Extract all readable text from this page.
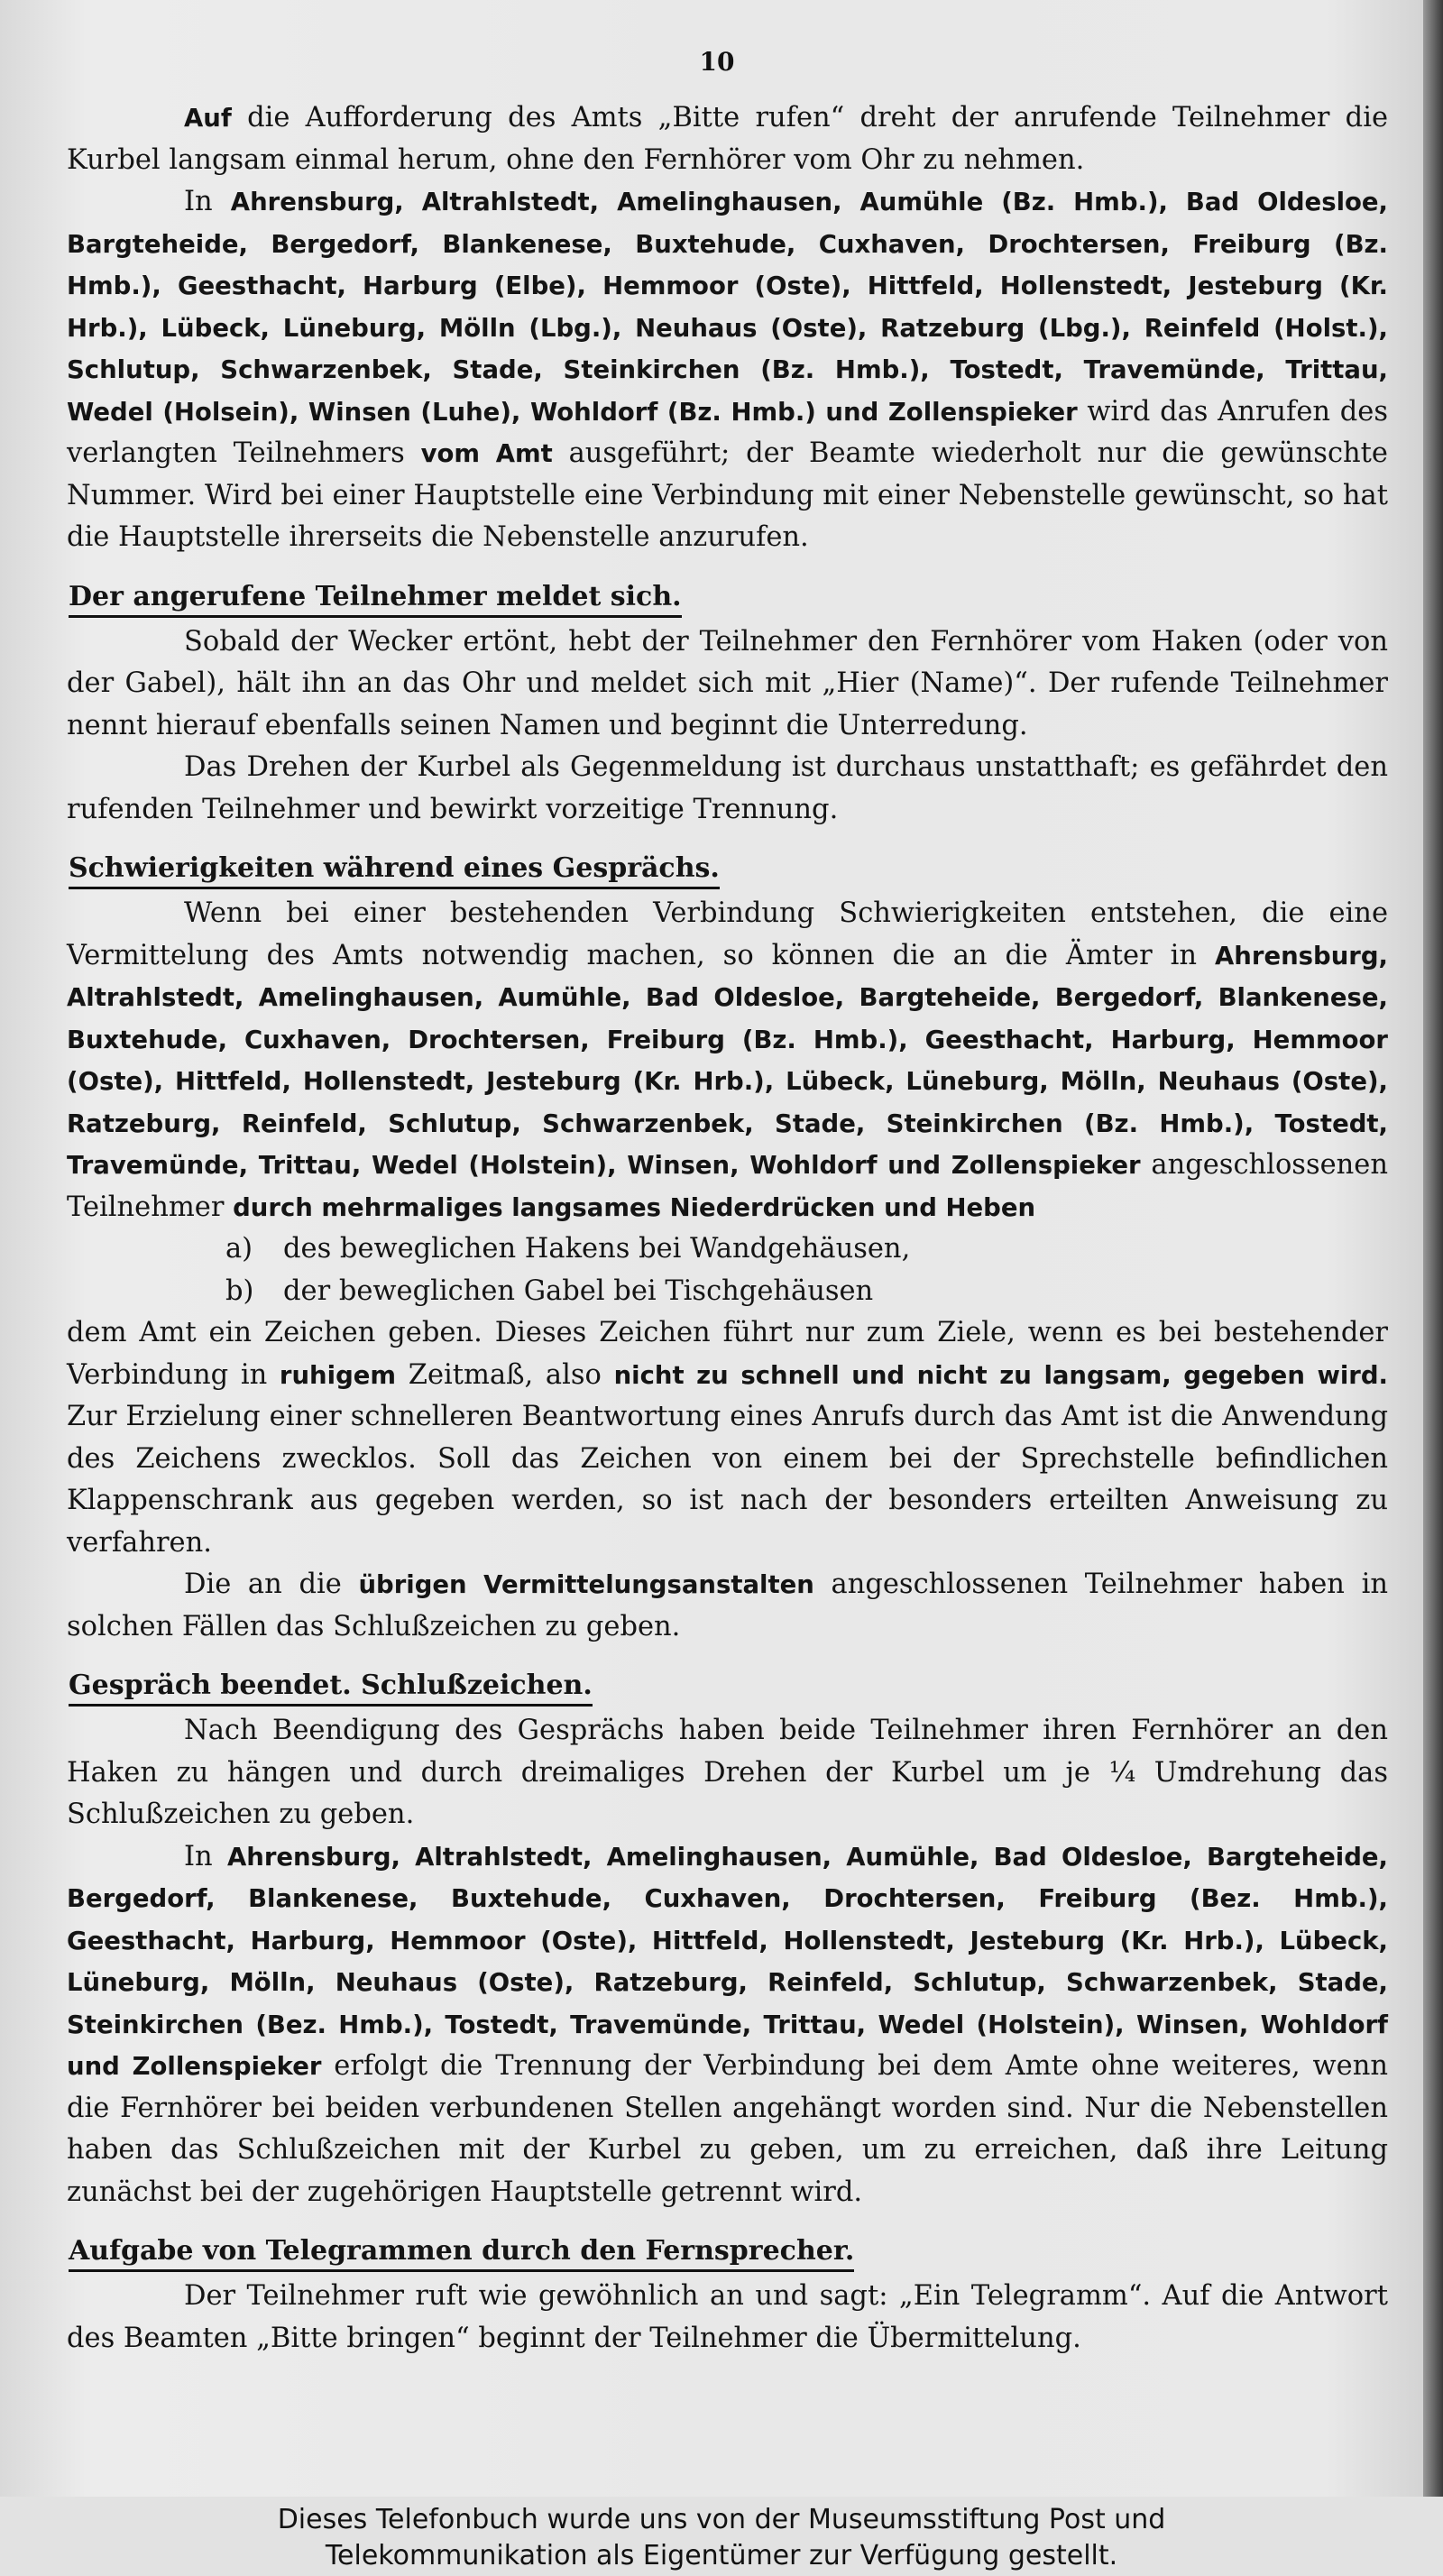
10

Auf die Aufforderung des Amts „Bitte rufen“ dreht der anrufende Teilnehmer die Kurbel langsam einmal herum, ohne den Fernhörer vom Ohr zu nehmen.

In Ahrensburg, Altrahlstedt, Amelinghausen, Aumühle (Bz. Hmb.), Bad Oldesloe, Bargteheide, Bergedorf, Blankenese, Buxtehude, Cuxhaven, Drochtersen, Freiburg (Bz. Hmb.), Geesthacht, Harburg (Elbe), Hemmoor (Oste), Hittfeld, Hollenstedt, Jesteburg (Kr. Hrb.), Lübeck, Lüneburg, Mölln (Lbg.), Neuhaus (Oste), Ratzeburg (Lbg.), Reinfeld (Holst.), Schlutup, Schwarzenbek, Stade, Steinkirchen (Bz. Hmb.), Tostedt, Travemünde, Trittau, Wedel (Holsein), Winsen (Luhe), Wohldorf (Bz. Hmb.) und Zollenspieker wird das Anrufen des verlangten Teilnehmers vom Amt ausgeführt; der Beamte wiederholt nur die gewünschte Nummer. Wird bei einer Hauptstelle eine Verbindung mit einer Nebenstelle gewünscht, so hat die Hauptstelle ihrerseits die Nebenstelle anzurufen.

Der angerufene Teilnehmer meldet sich.

Sobald der Wecker ertönt, hebt der Teilnehmer den Fernhörer vom Haken (oder von der Gabel), hält ihn an das Ohr und meldet sich mit „Hier (Name)“. Der rufende Teilnehmer nennt hierauf ebenfalls seinen Namen und beginnt die Unterredung.

Das Drehen der Kurbel als Gegenmeldung ist durchaus unstatthaft; es gefährdet den rufenden Teilnehmer und bewirkt vorzeitige Trennung.

Schwierigkeiten während eines Gesprächs.

Wenn bei einer bestehenden Verbindung Schwierigkeiten entstehen, die eine Vermittelung des Amts notwendig machen, so können die an die Ämter in Ahrensburg, Altrahlstedt, Amelinghausen, Aumühle, Bad Oldesloe, Bargteheide, Bergedorf, Blankenese, Buxtehude, Cuxhaven, Drochtersen, Freiburg (Bz. Hmb.), Geesthacht, Harburg, Hemmoor (Oste), Hittfeld, Hollenstedt, Jesteburg (Kr. Hrb.), Lübeck, Lüneburg, Mölln, Neuhaus (Oste), Ratzeburg, Reinfeld, Schlutup, Schwarzenbek, Stade, Steinkirchen (Bz. Hmb.), Tostedt, Travemünde, Trittau, Wedel (Holstein), Winsen, Wohldorf und Zollenspieker angeschlossenen Teilnehmer durch mehrmaliges langsames Niederdrücken und Heben

a) des beweglichen Hakens bei Wandgehäusen,

b) der beweglichen Gabel bei Tischgehäusen

dem Amt ein Zeichen geben. Dieses Zeichen führt nur zum Ziele, wenn es bei bestehender Verbindung in ruhigem Zeitmaß, also nicht zu schnell und nicht zu langsam, gegeben wird. Zur Erzielung einer schnelleren Beantwortung eines Anrufs durch das Amt ist die Anwendung des Zeichens zwecklos. Soll das Zeichen von einem bei der Sprechstelle befindlichen Klappenschrank aus gegeben werden, so ist nach der besonders erteilten Anweisung zu verfahren.

Die an die übrigen Vermittelungsanstalten angeschlossenen Teilnehmer haben in solchen Fällen das Schlußzeichen zu geben.

Gespräch beendet. Schlußzeichen.

Nach Beendigung des Gesprächs haben beide Teilnehmer ihren Fernhörer an den Haken zu hängen und durch dreimaliges Drehen der Kurbel um je ¼ Umdrehung das Schlußzeichen zu geben.

In Ahrensburg, Altrahlstedt, Amelinghausen, Aumühle, Bad Oldesloe, Bargteheide, Bergedorf, Blankenese, Buxtehude, Cuxhaven, Drochtersen, Freiburg (Bez. Hmb.), Geesthacht, Harburg, Hemmoor (Oste), Hittfeld, Hollenstedt, Jesteburg (Kr. Hrb.), Lübeck, Lüneburg, Mölln, Neuhaus (Oste), Ratzeburg, Reinfeld, Schlutup, Schwarzenbek, Stade, Steinkirchen (Bez. Hmb.), Tostedt, Travemünde, Trittau, Wedel (Holstein), Winsen, Wohldorf und Zollenspieker erfolgt die Trennung der Verbindung bei dem Amte ohne weiteres, wenn die Fernhörer bei beiden verbundenen Stellen angehängt worden sind. Nur die Nebenstellen haben das Schlußzeichen mit der Kurbel zu geben, um zu erreichen, daß ihre Leitung zunächst bei der zugehörigen Hauptstelle getrennt wird.

Aufgabe von Telegrammen durch den Fernsprecher.

Der Teilnehmer ruft wie gewöhnlich an und sagt: „Ein Telegramm“. Auf die Antwort des Beamten „Bitte bringen“ beginnt der Teilnehmer die Übermittelung.

Dieses Telefonbuch wurde uns von der Museumsstiftung Post und
Telekommunikation als Eigentümer zur Verfügung gestellt.
